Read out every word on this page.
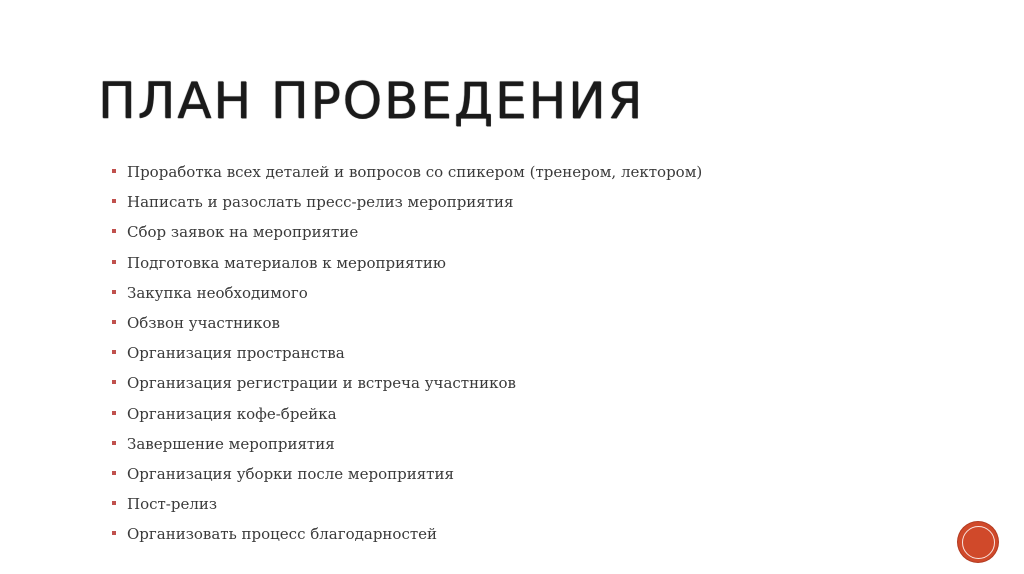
ПЛАН ПРОВЕДЕНИЯ
Проработка всех деталей и вопросов со спикером (тренером, лектором)
Написать и разослать пресс-релиз мероприятия
Сбор заявок на мероприятие
Подготовка материалов к мероприятию
Закупка необходимого
Обзвон участников
Организация пространства
Организация регистрации и встреча участников
Организация кофе-брейка
Завершение мероприятия
Организация уборки после мероприятия
Пост-релиз
Организовать процесс благодарностей
